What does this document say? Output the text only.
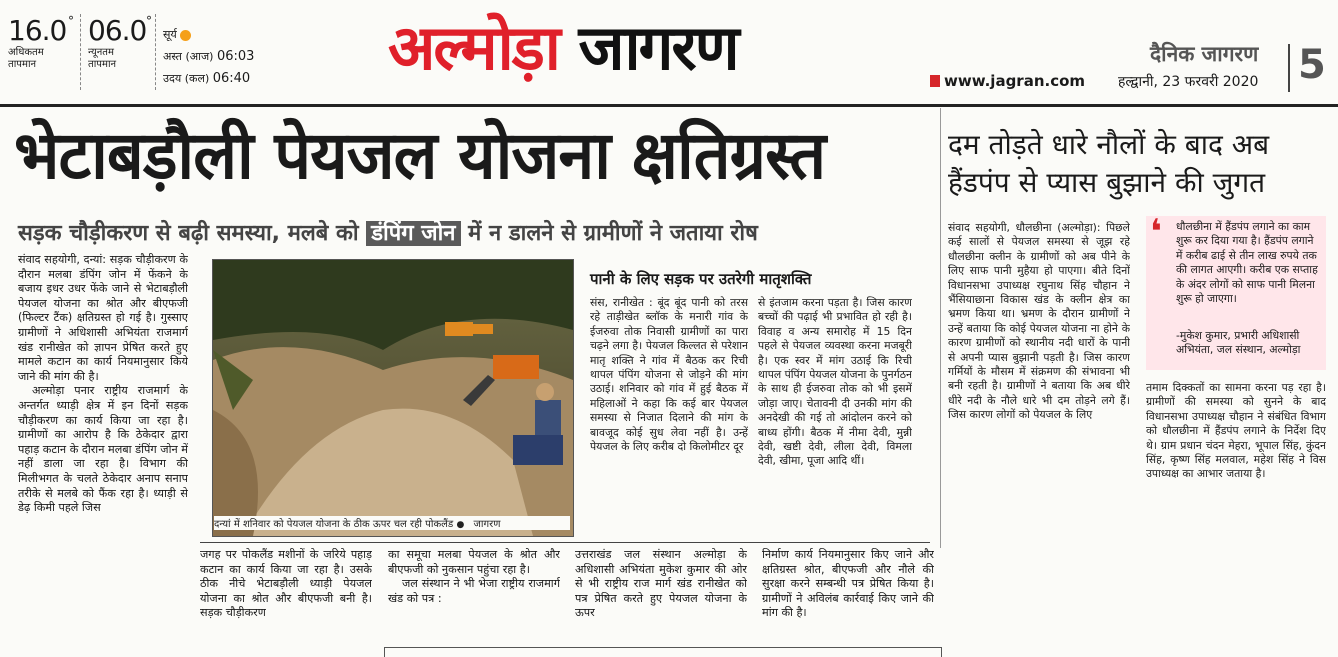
16.0 °
अधिकतम
तापमान
06.0 °
न्यूनतम
तापमान
सूर्य
अस्त (आज) 06:03
उदय (कल) 06:40 अल्मोड़ा जागरण	www.jagran.com
दैनिक जागरण
हल्द्वानी, 23 फरवरी 2020 5
भेटाबड़ौली पेयजल योजना क्षतिग्रस्त
सड़क चौड़ीकरण से बढ़ी समस्या, मलबे को डंपिंग जोन में न डालने से ग्रामीणों ने जताया रोष

संवाद सहयोगी, दन्यां: सड़क चौड़ीकरण के दौरान मलबा डंपिंग जोन में फेंकने के बजाय इधर उधर फेंके जाने से भेटाबड़ौली पेयजल योजना का श्रोत और बीएफजी (फिल्टर टैंक) क्षतिग्रस्त हो गई है। गुस्साए ग्रामीणों ने अधिशासी अभियंता राजमार्ग खंड रानीखेत को ज्ञापन प्रेषित करते हुए मामले कटान का कार्य नियमानुसार किये जाने की मांग की है।

अल्मोड़ा पनार राष्ट्रीय राजमार्ग के अन्तर्गत ध्याड़ी क्षेत्र में इन दिनों सड़क चौड़ीकरण का कार्य किया जा रहा है। ग्रामीणों का आरोप है कि ठेकेदार द्वारा पहाड़ कटान के दौरान मलबा डंपिंग जोन में नहीं डाला जा रहा है। विभाग की मिलीभगत के चलते ठेकेदार अनाप सनाप तरीके से मलबे को फैंक रहा है। ध्याड़ी से डेढ़ किमी पहले जिस

दन्यां में शनिवार को पेयजल योजना के ठीक ऊपर चल रही पोकलैंड ● जागरण
पानी के लिए सड़क पर उतरेगी मातृशक्ति
संस, रानीखेत : बूंद बूंद पानी को तरस रहे ताड़ीखेत ब्लॉक के मनारी गांव के ईजरुवा तोक निवासी ग्रामीणों का पारा चढ़ने लगा है। पेयजल किल्लत से परेशान मातृ शक्ति ने गांव में बैठक कर रिची थापल पंपिंग योजना से जोड़ने की मांग उठाई। शनिवार को गांव में हुई बैठक में महिलाओं ने कहा कि कई बार पेयजल समस्या से निजात दिलाने की मांग के बावजूद कोई सुध लेवा नहीं है। उन्हें पेयजल के लिए करीब दो किलोमीटर दूर
से इंतजाम करना पड़ता है। जिस कारण बच्चों की पढ़ाई भी प्रभावित हो रही है। विवाह व अन्य समारोह में 15 दिन पहले से पेयजल व्यवस्था करना मजबूरी है। एक स्वर में मांग उठाई कि रिची थापल पंपिंग पेयजल योजना के पुनर्गठन के साथ ही ईजरुवा तोक को भी इसमें जोड़ा जाए। चेतावनी दी उनकी मांग की अनदेखी की गई तो आंदोलन करने को बाध्य होंगी। बैठक में नीमा देवी, मुन्नी देवी, खष्टी देवी, लीला देवी, विमला देवी, खीमा, पूजा आदि थीं।
जगह पर पोकलैंड मशीनों के जरिये पहाड़ कटान का कार्य किया जा रहा है। उसके ठीक नीचे भेटाबड़ौली ध्याड़ी पेयजल योजना का श्रोत और बीएफजी बनी है। सड़क चौड़ीकरण

का समूचा मलबा पेयजल के श्रोत और बीएफजी को नुकसान पहुंचा रहा है।

जल संस्थान ने भी भेजा राष्ट्रीय राजमार्ग खंड को पत्र :

उत्तराखंड जल संस्थान अल्मोड़ा के अधिशासी अभियंता मुकेश कुमार की ओर से भी राष्ट्रीय राज मार्ग खंड रानीखेत को पत्र प्रेषित करते हुए पेयजल योजना के ऊपर
निर्माण कार्य नियमानुसार किए जाने और क्षतिग्रस्त श्रोत, बीएफजी और नौले की सुरक्षा करने सम्बन्धी पत्र प्रेषित किया है। ग्रामीणों ने अविलंब कार्रवाई किए जाने की मांग की है।
दम तोड़ते धारे नौलों के बाद अब
हैंडपंप से प्यास बुझाने की जुगत
संवाद सहयोगी, धौलछीना (अल्मोड़ा): पिछले कई सालों से पेयजल समस्या से जूझ रहे धौलछीना क्लीन के ग्रामीणों को अब पीने के लिए साफ पानी मुहैया हो पाएगा। बीते दिनों विधानसभा उपाध्यक्ष रघुनाथ सिंह चौहान ने भैंसियाछाना विकास खंड के क्लीन क्षेत्र का भ्रमण किया था। भ्रमण के दौरान ग्रामीणों ने उन्हें बताया कि कोई पेयजल योजना ना होने के कारण ग्रामीणों को स्थानीय नदी धारों के पानी से अपनी प्यास बुझानी पड़ती है। जिस कारण गर्मियों के मौसम में संक्रमण की संभावना भी बनी रहती है। ग्रामीणों ने बताया कि अब धीरे धीरे नदी के नौले धारे भी दम तोड़ने लगे हैं। जिस कारण लोगों को पेयजल के लिए
❛ धौलछीना में हैंडपंप लगाने का काम शुरू कर दिया गया है। हैंडपंप लगाने में करीब ढाई से तीन लाख रुपये तक की लागत आएगी। करीब एक सप्ताह के अंदर लोगों को साफ पानी मिलना शुरू हो जाएगा।
-मुकेश कुमार, प्रभारी अधिशासी अभियंता, जल संस्थान, अल्मोड़ा
तमाम दिक्कतों का सामना करना पड़ रहा है। ग्रामीणों की समस्या को सुनने के बाद विधानसभा उपाध्यक्ष चौहान ने संबंधित विभाग को धौलछीना में हैंडपंप लगाने के निर्देश दिए थे। ग्राम प्रधान चंदन मेहरा, भूपाल सिंह, कुंदन सिंह, कृष्ण सिंह मलवाल, महेश सिंह ने विस उपाध्यक्ष का आभार जताया है।
